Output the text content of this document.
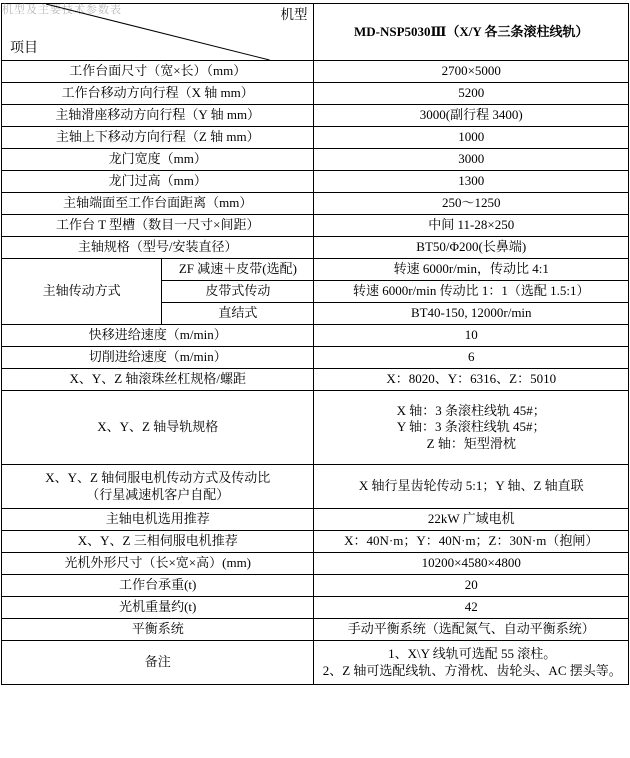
机型及主要技术参数表	机型
项目		MD-NSP5030Ⅲ（X/Y 各三条滚柱线轨）
工作台面尺寸（宽×长）（mm）		2700×5000
工作台移动方向行程（X 轴 mm）		5200
主轴滑座移动方向行程（Y 轴 mm）		3000(副行程 3400)
主轴上下移动方向行程（Z 轴 mm）		1000
龙门宽度（mm）		3000
龙门过高（mm）		1300
主轴端面至工作台面距离（mm）		250～1250
工作台 T 型槽（数目一尺寸×间距）		中间 11-28×250
主轴规格（型号/安装直径）		BT50/Φ200(长鼻端)
主轴传动方式	ZF 减速＋皮带(选配)	转速 6000r/min，传动比 4:1
	皮带式传动	转速 6000r/min 传动比 1：1（选配 1.5:1）
	直结式	BT40-150, 12000r/min
快移进给速度（m/min）		10
切削进给速度（m/min）		6
X、Y、Z 轴滚珠丝杠规格/螺距		X：8020、Y：6316、Z：5010
X、Y、Z 轴导轨规格		X 轴：3 条滚柱线轨 45#；
Y 轴：3 条滚柱线轨 45#；
Z 轴：矩型滑枕

X、Y、Z 轴伺服电机传动方式及传动比
（行星减速机客户自配）		X 轴行星齿轮传动 5:1；Y 轴、Z 轴直联
主轴电机选用推荐		22kW 广域电机
X、Y、Z 三相伺服电机推荐		X：40N·m；Y：40N·m；Z：30N·m（抱闸）
光机外形尺寸（长×宽×高）(mm)		10200×4580×4800
工作台承重(t)		20
光机重量约(t)		42
平衡系统		手动平衡系统（选配氮气、自动平衡系统）
备注		1、X\Y 线轨可选配 55 滚柱。
2、Z 轴可选配线轨、方滑枕、齿轮头、AC 摆头等。
